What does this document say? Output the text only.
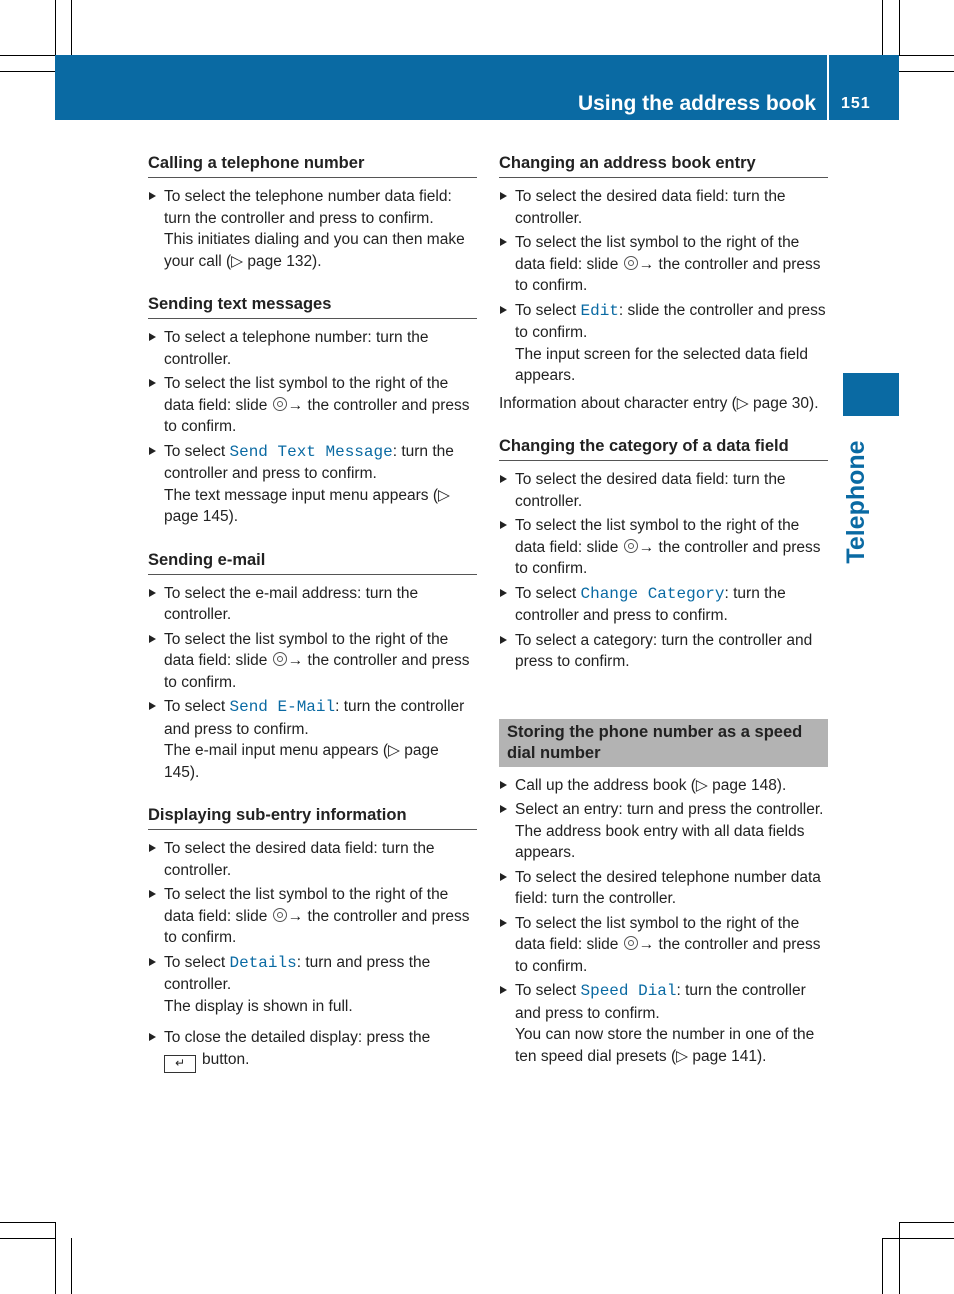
Using the address book 151
Telephone
Calling a telephone number
To select the telephone number data field: turn the controller and press to confirm.
This initiates dialing and you can then make your call (▷ page 132).
Sending text messages
To select a telephone number: turn the controller.
To select the list symbol to the right of the data field: slide → the controller and press to confirm.
To select Send Text Message: turn the controller and press to confirm.
The text message input menu appears (▷ page 145).
Sending e-mail
To select the e-mail address: turn the controller.
To select the list symbol to the right of the data field: slide → the controller and press to confirm.
To select Send E-Mail: turn the controller and press to confirm.
The e-mail input menu appears (▷ page 145).
Displaying sub-entry information
To select the desired data field: turn the controller.
To select the list symbol to the right of the data field: slide → the controller and press to confirm.
To select Details: turn and press the controller.
The display is shown in full.
To close the detailed display: press the
↵ button.
Changing an address book entry
To select the desired data field: turn the controller.
To select the list symbol to the right of the data field: slide → the controller and press to confirm.
To select Edit: slide the controller and press to confirm.
The input screen for the selected data field appears.

Information about character entry (▷ page 30).

Changing the category of a data field
To select the desired data field: turn the controller.
To select the list symbol to the right of the data field: slide → the controller and press to confirm.
To select Change Category: turn the controller and press to confirm.
To select a category: turn the controller and press to confirm.
Storing the phone number as a speed dial number
Call up the address book (▷ page 148).
Select an entry: turn and press the controller.
The address book entry with all data fields appears.
To select the desired telephone number data field: turn the controller.
To select the list symbol to the right of the data field: slide → the controller and press to confirm.
To select Speed Dial: turn the controller and press to confirm.
You can now store the number in one of the ten speed dial presets (▷ page 141).
